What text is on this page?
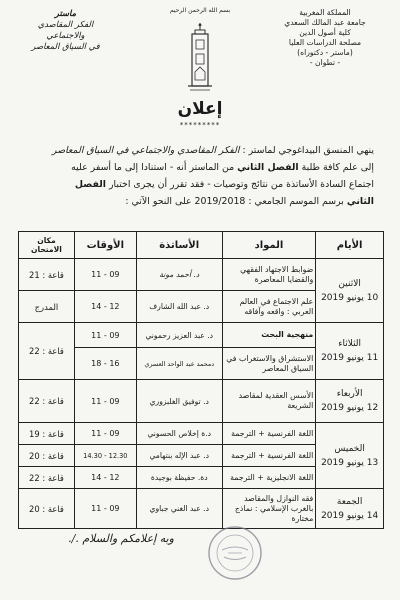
المملكة المغربية
جامعة عبد المالك السعدي
كلية أصول الدين
مصلحة الدراسات العليا
(ماستر - دكتوراه)
- تطوان -
بسم الله الرحمن الرحيم
ماستر
الفكر المقاصدي والاجتماعي
في السياق المعاصر
إعلان
*********
ينهي المنسق البيداغوجي لماستر : الفكر المقاصدي والاجتماعي في السياق المعاصر
إلى علم كافة طلبة الفصل الثاني من الماستر أنه - استنادا إلى ما أسفر عليه
اجتماع السادة الأساتذة من نتائج وتوصيات - فقد تقرر أن يجرى اختبار الفصل
الثاني برسم الموسم الجامعي : 2019/2018 على النحو الآتي :
الأيام	المواد	الأساتذة	الأوقات	مكان الامتحان

الاثنين
10 يونيو 2019	ضوابط الاجتهاد الفقهي والقضايا المعاصرة	د. أحمد مونة	09 - 11	قاعة : 21
	علم الاجتماع في العالم العربي : واقعه وآفاقه	د. عبد الله الشارف	12 - 14	المدرج

الثلاثاء
11 يونيو 2019	منهجية البحث	د. عبد العزيز رحموني	09 - 11	قاعة : 22
	الاستشراق والاستغراب في السياق المعاصر	دمحمد عبد الواحد العسري	16 - 18	

الأربعاء
12 يونيو 2019	الأسس العقدية لمقاصد الشريعة	د. توفيق الغلبزوري	09 - 11	قاعة : 22

الخميس
13 يونيو 2019	اللغة الفرنسية + الترجمة	د.ة إخلاص الحسوني	09 - 11	قاعة : 19
	اللغة الفرنسية + الترجمة	د. عبد الإله بنتهامي	12.30 - 14.30	قاعة : 20
	اللغة الانجليزية + الترجمة	دة. حفيظة بوجيدة	12 - 14	قاعة : 22

الجمعة
14 يونيو 2019	فقه النوازل والمقاصد بالغرب الإسلامي : نماذج مختارة	د. عبد الغني جباوي	09 - 11	قاعة : 20
وبه إعلامكم والسلام ./.
